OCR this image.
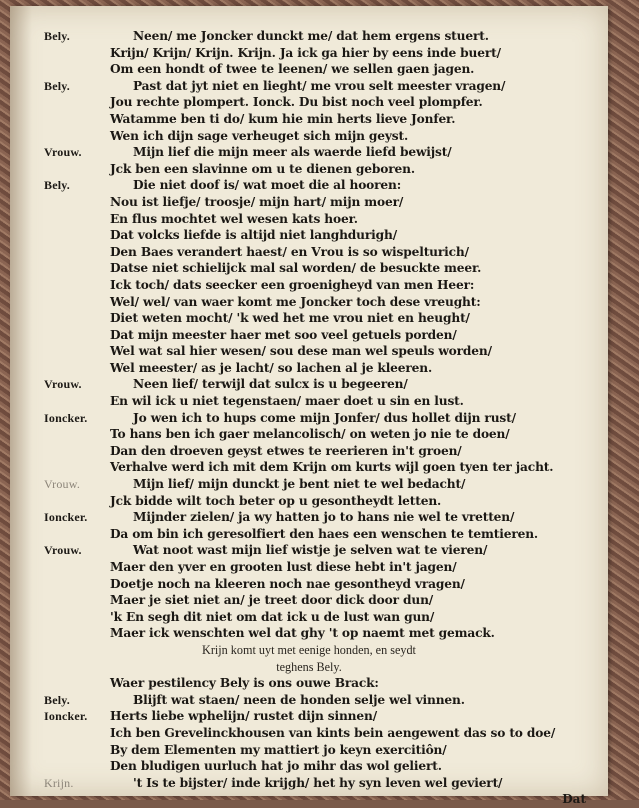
Bely.	Neen/ me Joncker dunckt me/ dat hem ergens stuert.
Krijn/ Krijn/ Krijn. Krijn. Ja ick ga hier by eens inde buert/
Om een hondt of twee te leenen/ we sellen gaen jagen.
Bely.	Past dat jyt niet en lieght/ me vrou selt meester vragen/
Jou rechte plompert. Ionck. Du bist noch veel plompfer.
Watamme ben ti do/ kum hie min herts lieve Jonfer.
Wen ich dijn sage verheuget sich mijn geyst.
Vrouw.	Mijn lief die mijn meer als waerde liefd bewijst/
Jck ben een slavinne om u te dienen geboren.
Bely.	Die niet doof is/ wat moet die al hooren:
Nou ist liefje/ troosje/ mijn hart/ mijn moer/
En flus mochtet wel wesen kats hoer.
Dat volcks liefde is altijd niet langhdurigh/
Den Baes verandert haest/ en Vrou is so wispelturich/
Datse niet schielijck mal sal worden/ de besuckte meer.
Ick toch/ dats seecker een groenigheyd van men Heer:
Wel/ wel/ van waer komt me Joncker toch dese vreught:
Diet weten mocht/ 'k wed het me vrou niet en heught/
Dat mijn meester haer met soo veel getuels porden/
Wel wat sal hier wesen/ sou dese man wel speuls worden/
Wel meester/ as je lacht/ so lachen al je kleeren.
Vrouw.	Neen lief/ terwijl dat sulcx is u begeeren/
En wil ick u niet tegenstaen/ maer doet u sin en lust.
Ioncker.	Jo wen ich to hups come mijn Jonfer/ dus hollet dijn rust/
To hans ben ich gaer melancolisch/ on weten jo nie te doen/
Dan den droeven geyst etwes te reerieren in't groen/
Verhalve werd ich mit dem Krijn om kurts wijl goen tyen ter jacht.
Vrouw.	Mijn lief/ mijn dunckt je bent niet te wel bedacht/
Jck bidde wilt toch beter op u gesontheydt letten.
Ioncker.	Mijnder zielen/ ja wy hatten jo to hans nie wel te vretten/
Da om bin ich geresolfiert den haes een wenschen te temtieren.
Vrouw.	Wat noot wast mijn lief wistje je selven wat te vieren/
Maer den yver en grooten lust diese hebt in't jagen/
Doetje noch na kleeren noch nae gesontheyd vragen/
Maer je siet niet an/ je treet door dick door dun/
'k En segh dit niet om dat ick u de lust wan gun/
Maer ick wenschten wel dat ghy 't op naemt met gemack.
Krijn komt uyt met eenige honden, en seydt
teghens Bely.
Waer pestilency Bely is ons ouwe Brack:
Bely.	Blijft wat staen/ neen de honden selje wel vinnen.
Ioncker. Herts liebe wphelijn/ rustet dijn sinnen/
Ich ben Grevelinckhousen van kints bein aengewent das so to doe/
By dem Elementen my mattiert jo keyn exercitiôn/
Den bludigen uurluch hat jo mihr das wol geliert.
Krijn.	't Is te bijster/ inde krijgh/ het hy syn leven wel geviert/
Dat
